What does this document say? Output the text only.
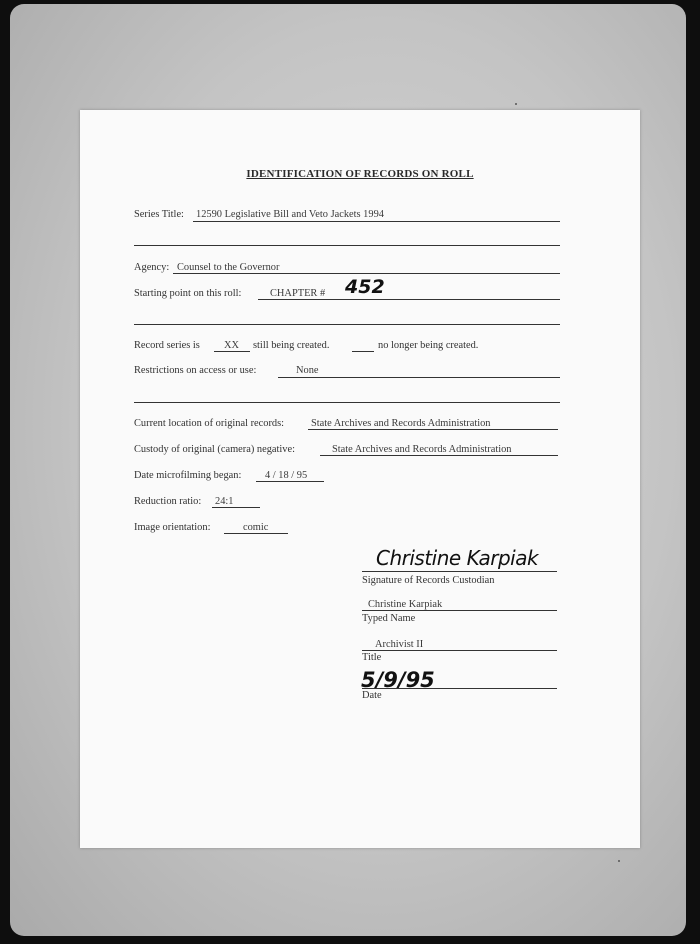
IDENTIFICATION OF RECORDS ON ROLL
Series Title: 12590 Legislative Bill and Veto Jackets 1994
Agency: Counsel to the Governor
Starting point on this roll:	CHAPTER # 452
Record series is XX still being created.	no longer being created.
Restrictions on access or use:	None
Current location of original records:	State Archives and Records Administration
Custody of original (camera) negative:	State Archives and Records Administration
Date microfilming began: 4 / 18 / 95
Reduction ratio: 24:1
Image orientation:	comic
Christine Karpiak
Signature of Records Custodian
Christine Karpiak
Typed Name
Archivist II
Title
5/9/95
Date
